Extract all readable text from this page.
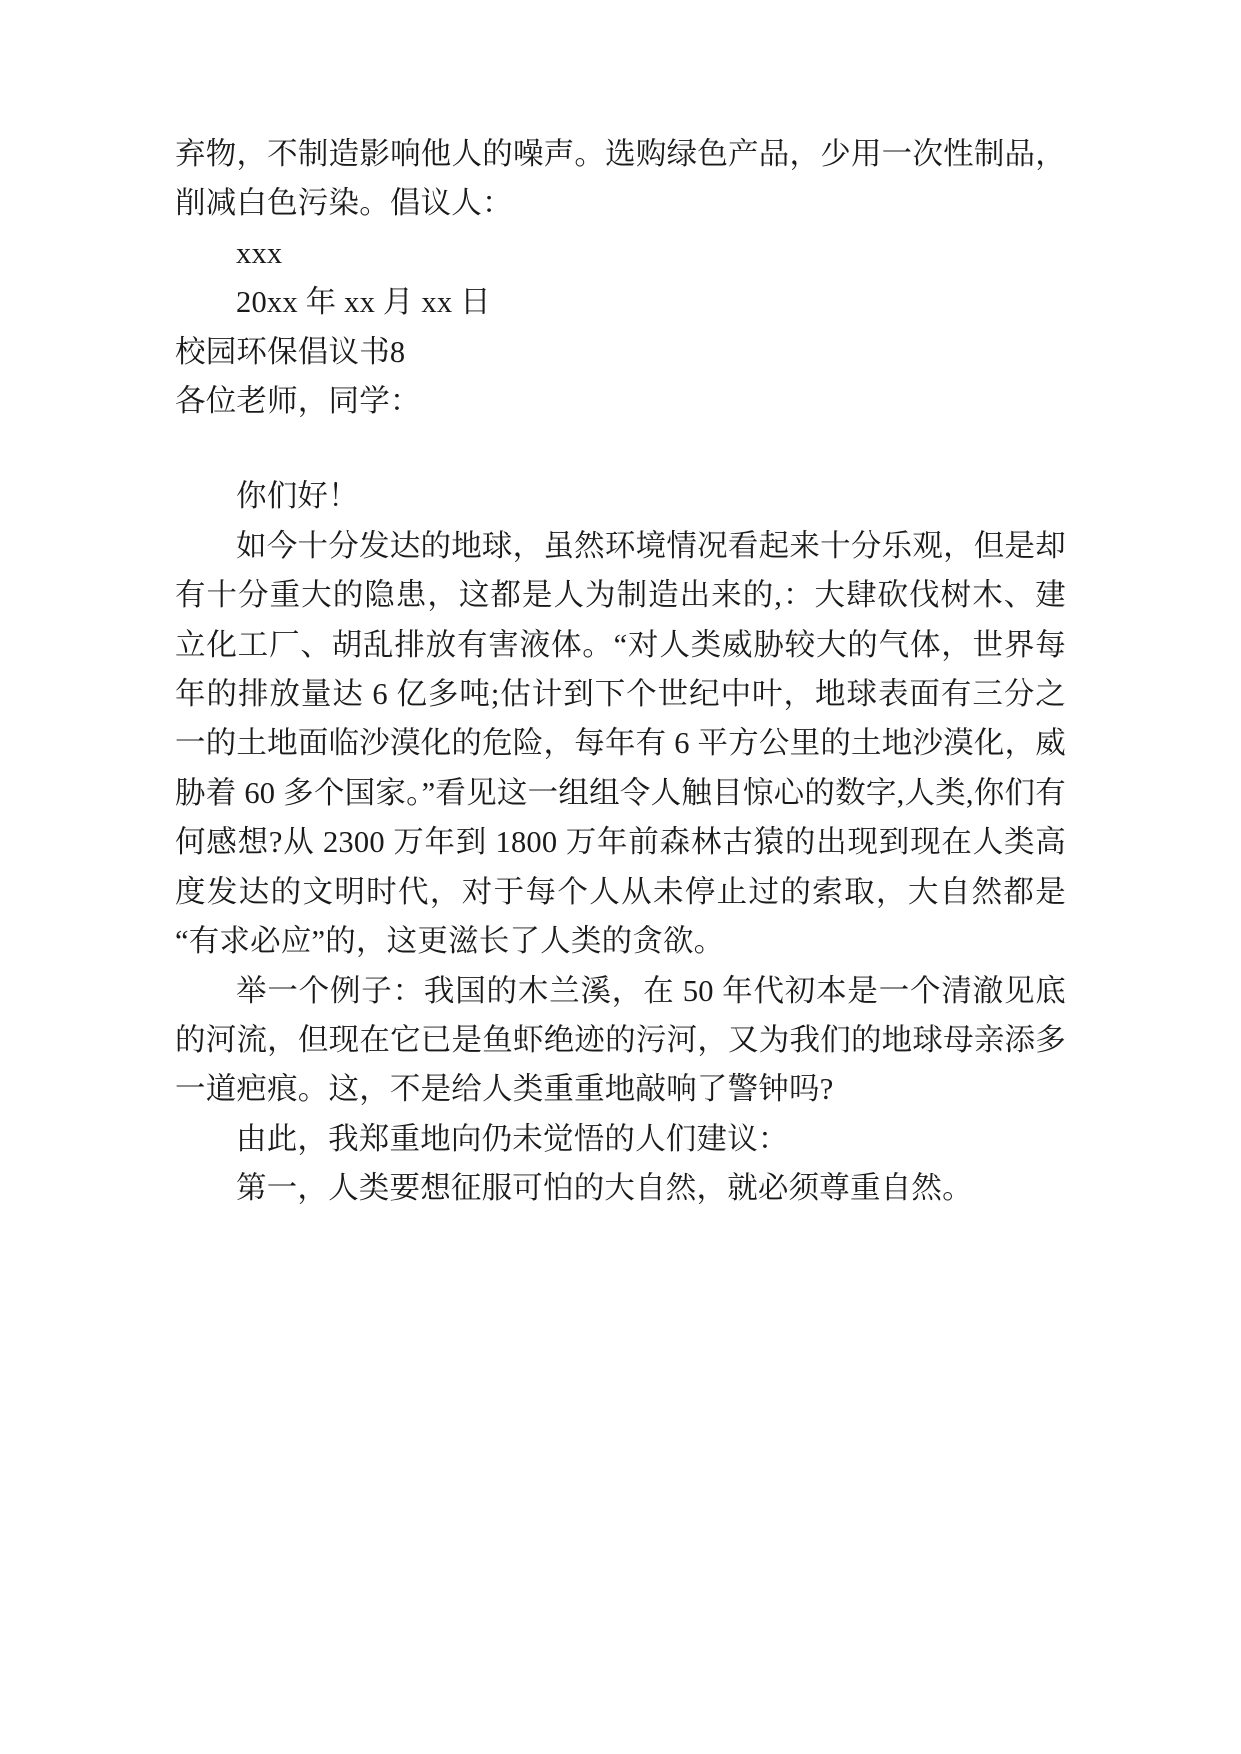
弃物，不制造影响他人的噪声。选购绿色产品，少用一次性制品，削减白色污染。倡议人：

xxx

20xx 年 xx 月 xx 日

校园环保倡议书8

各位老师，同学：

你们好！

如今十分发达的地球，虽然环境情况看起来十分乐观，但是却有十分重大的隐患，这都是人为制造出来的,：大肆砍伐树木、建立化工厂、胡乱排放有害液体。“对人类威胁较大的气体，世界每年的排放量达 6 亿多吨;估计到下个世纪中叶，地球表面有三分之一的土地面临沙漠化的危险，每年有 6 平方公里的土地沙漠化，威胁着 60 多个国家。”看见这一组组令人触目惊心的数字,人类,你们有何感想?从 2300 万年到 1800 万年前森林古猿的出现到现在人类高度发达的文明时代，对于每个人从未停止过的索取，大自然都是“有求必应”的，这更滋长了人类的贪欲。

举一个例子：我国的木兰溪，在 50 年代初本是一个清澈见底的河流，但现在它已是鱼虾绝迹的污河，又为我们的地球母亲添多一道疤痕。这，不是给人类重重地敲响了警钟吗?

由此，我郑重地向仍未觉悟的人们建议：

第一，人类要想征服可怕的大自然，就必须尊重自然。
